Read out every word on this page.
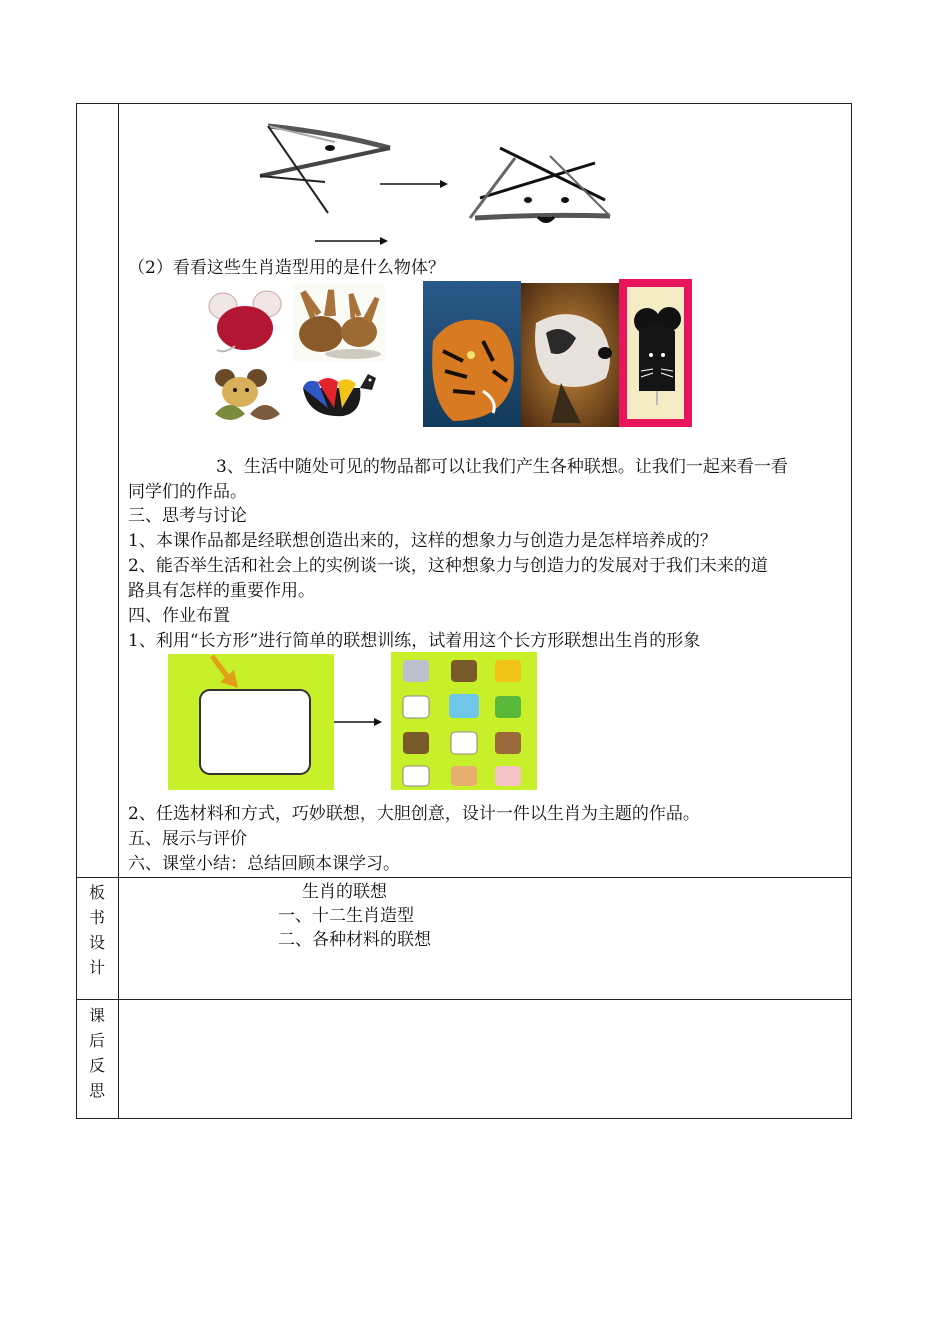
（2）看看这些生肖造型用的是什么物体？
3、生活中随处可见的物品都可以让我们产生各种联想。让我们一起来看一看
同学们的作品。
三、思考与讨论
1、本课作品都是经联想创造出来的，这样的想象力与创造力是怎样培养成的？
2、能否举生活和社会上的实例谈一谈，这种想象力与创造力的发展对于我们未来的道
路具有怎样的重要作用。
四、作业布置
1、利用“长方形”进行简单的联想训练，试着用这个长方形联想出生肖的形象
2、任选材料和方式，巧妙联想，大胆创意，设计一件以生肖为主题的作品。
五、展示与评价
六、课堂小结：总结回顾本课学习。
板
书
设
计
生肖的联想
一、十二生肖造型
二、各种材料的联想
课
后
反
思
